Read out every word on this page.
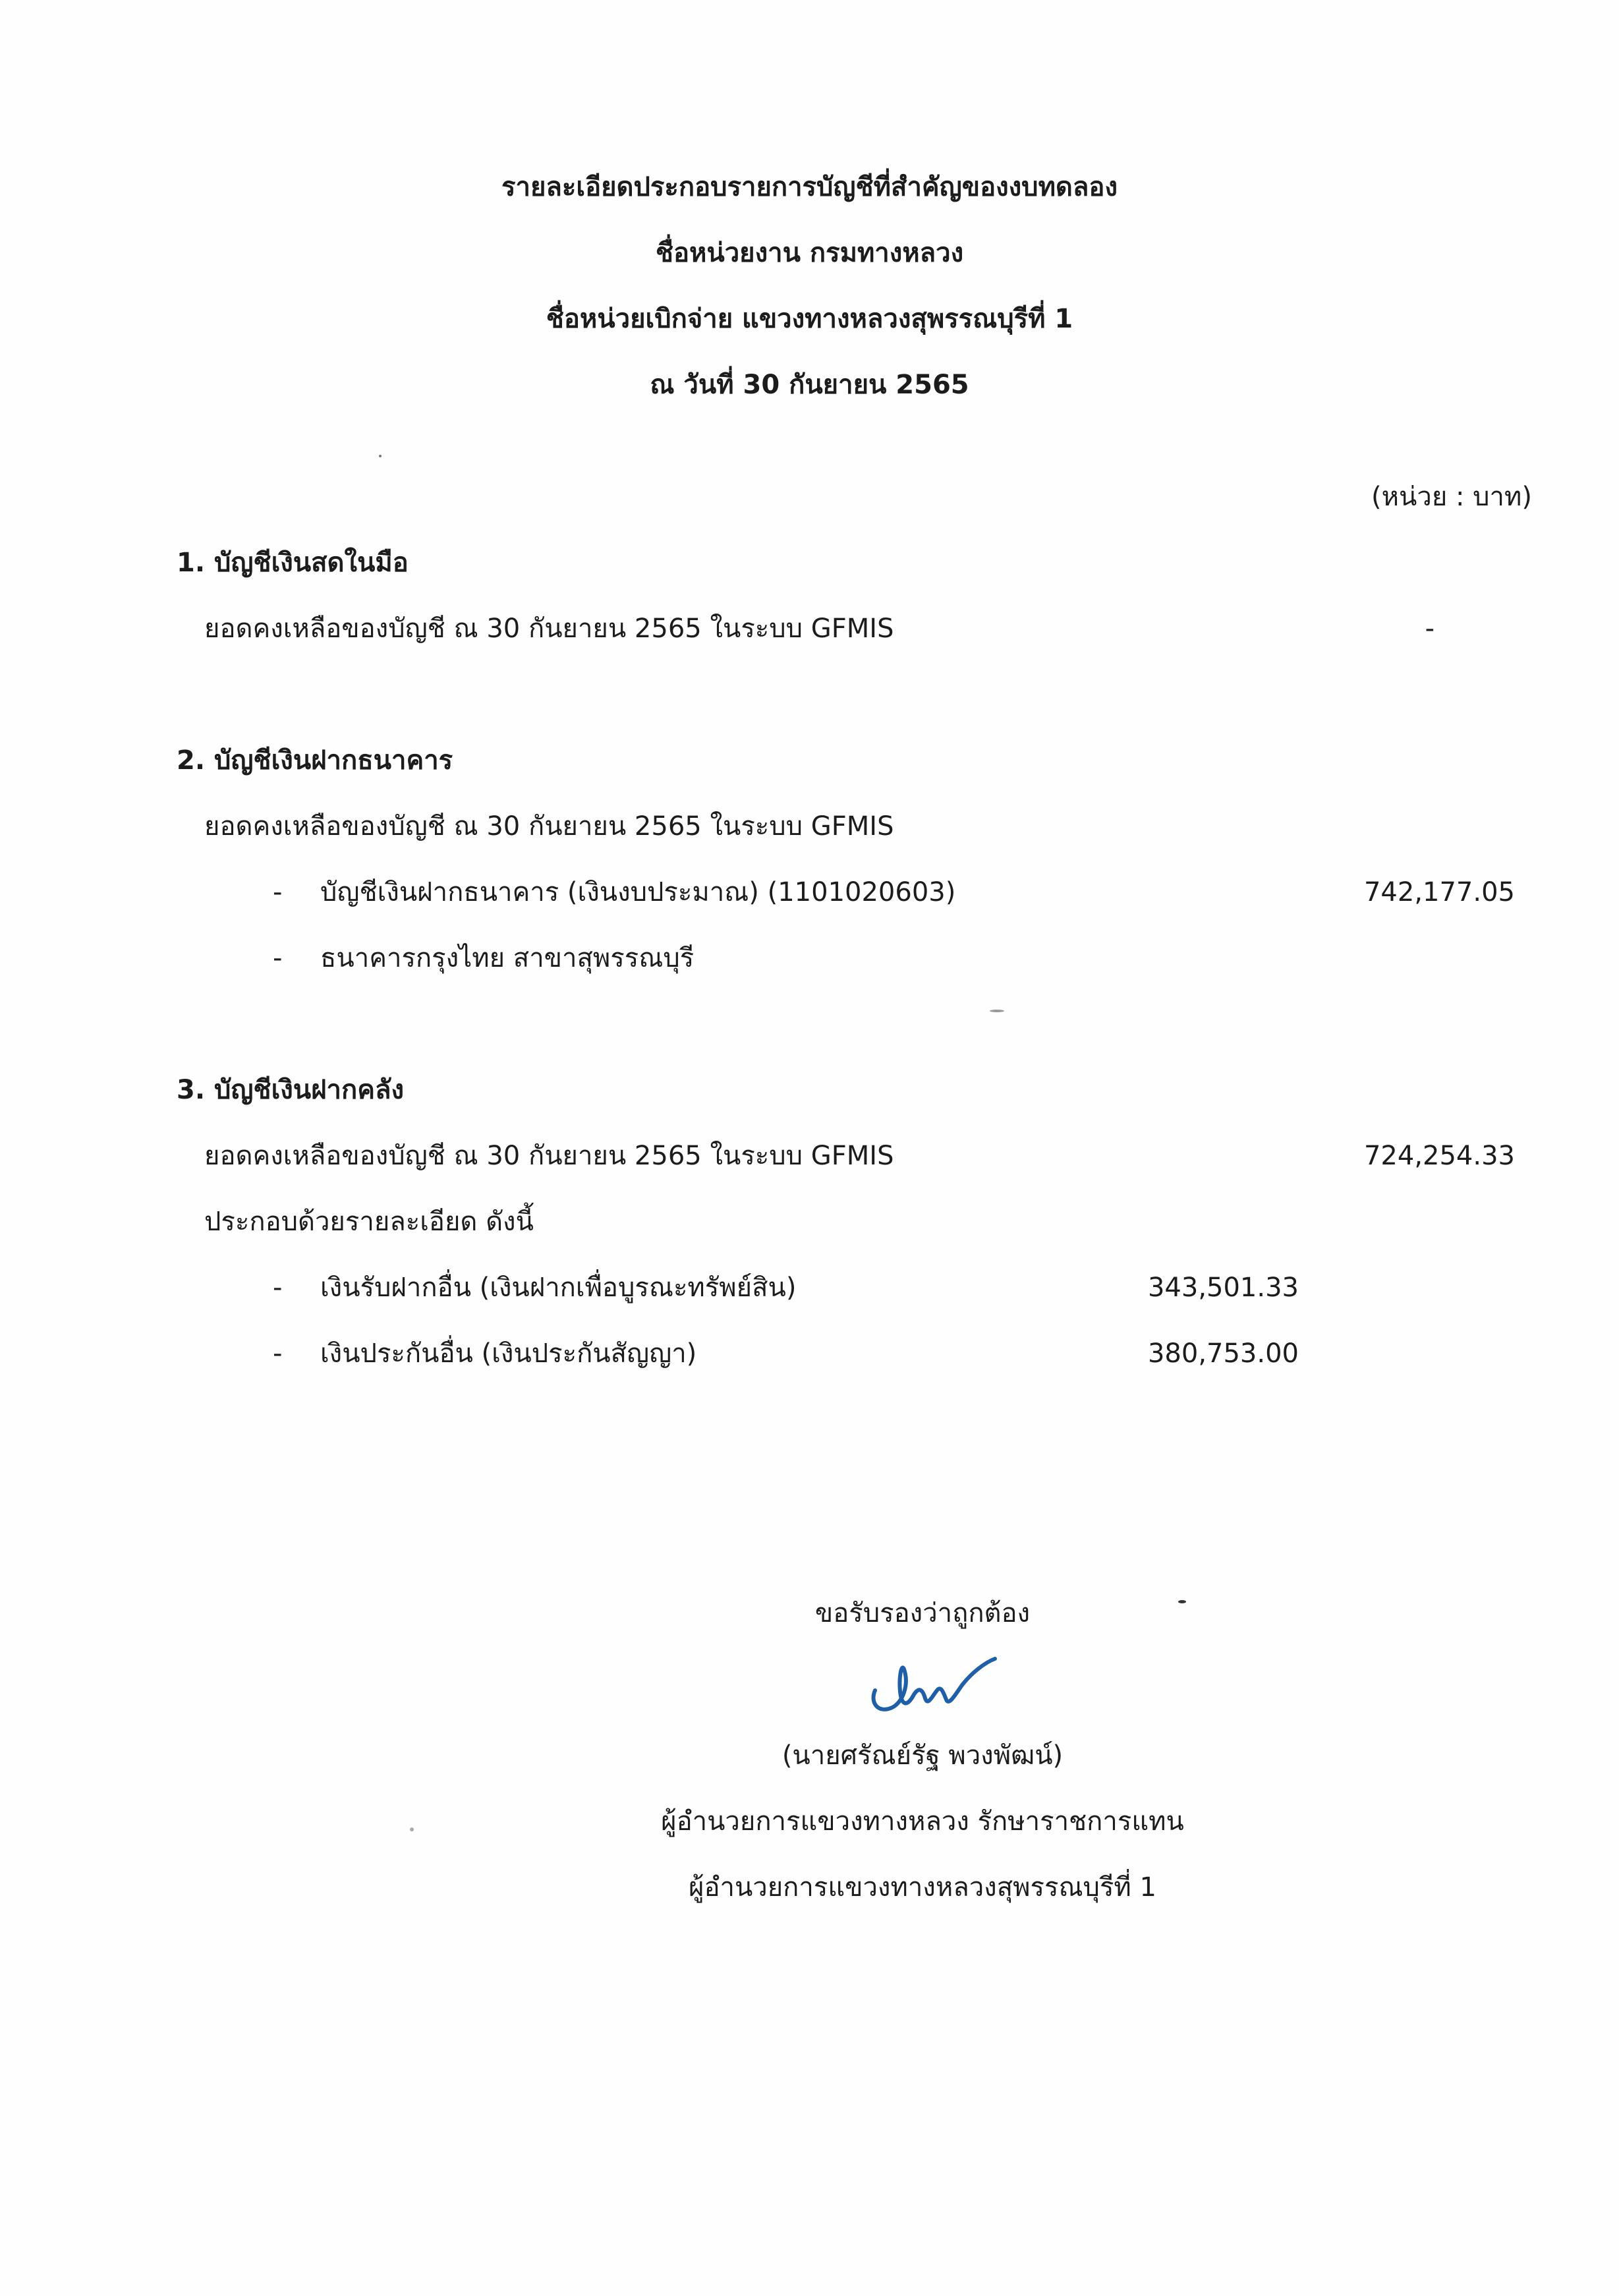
รายละเอียดประกอบรายการบัญชีที่สำคัญของงบทดลอง
ชื่อหน่วยงาน กรมทางหลวง
ชื่อหน่วยเบิกจ่าย แขวงทางหลวงสุพรรณบุรีที่ 1
ณ วันที่ 30 กันยายน 2565
(หน่วย : บาท)
1. บัญชีเงินสดในมือ
ยอดคงเหลือของบัญชี ณ 30 กันยายน 2565 ในระบบ GFMIS	-
2. บัญชีเงินฝากธนาคาร
ยอดคงเหลือของบัญชี ณ 30 กันยายน 2565 ในระบบ GFMIS
- บัญชีเงินฝากธนาคาร (เงินงบประมาณ) (1101020603)	742,177.05
- ธนาคารกรุงไทย สาขาสุพรรณบุรี
3. บัญชีเงินฝากคลัง
ยอดคงเหลือของบัญชี ณ 30 กันยายน 2565 ในระบบ GFMIS	724,254.33
ประกอบด้วยรายละเอียด ดังนี้
- เงินรับฝากอื่น (เงินฝากเพื่อบูรณะทรัพย์สิน)	343,501.33
- เงินประกันอื่น (เงินประกันสัญญา)	380,753.00
ขอรับรองว่าถูกต้อง
(นายศรัณย์รัฐ พวงพัฒน์)
ผู้อำนวยการแขวงทางหลวง รักษาราชการแทน
ผู้อำนวยการแขวงทางหลวงสุพรรณบุรีที่ 1
